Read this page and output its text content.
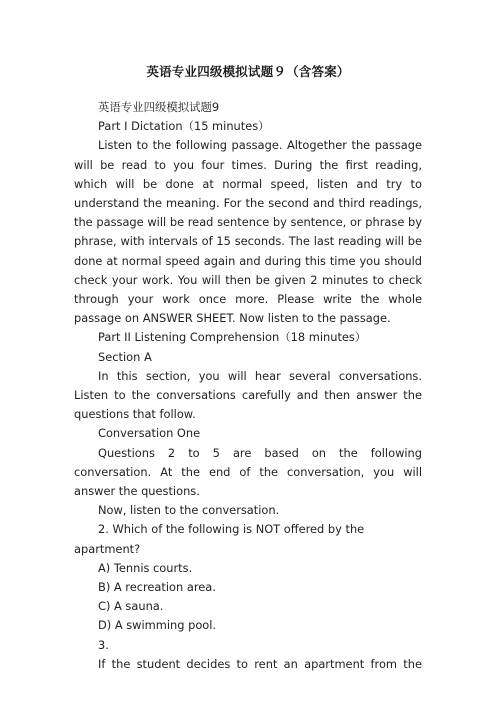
英语专业四级模拟试题９（含答案）

英语专业四级模拟试题9

Part I Dictation（15 minutes）

Listen to the following passage. Altogether the passage will be read to you four times. During the first reading, which will be done at normal speed, listen and try to understand the meaning. For the second and third readings, the passage will be read sentence by sentence, or phrase by phrase, with intervals of 15 seconds. The last reading will be done at normal speed again and during this time you should check your work. You will then be given 2 minutes to check through your work once more. Please write the whole passage on ANSWER SHEET. Now listen to the passage.

Part II Listening Comprehension（18 minutes）

Section A

In this section, you will hear several conversations. Listen to the conversations carefully and then answer the questions that follow.

Conversation One

Questions 2 to 5 are based on the following conversation. At the end of the conversation, you will answer the questions.

Now, listen to the conversation.

2. Which of the following is NOT offered by the apartment?

A) Tennis courts.

B) A recreation area.

C) A sauna.

D) A swimming pool.

3.

If the student decides to rent an apartment from the
